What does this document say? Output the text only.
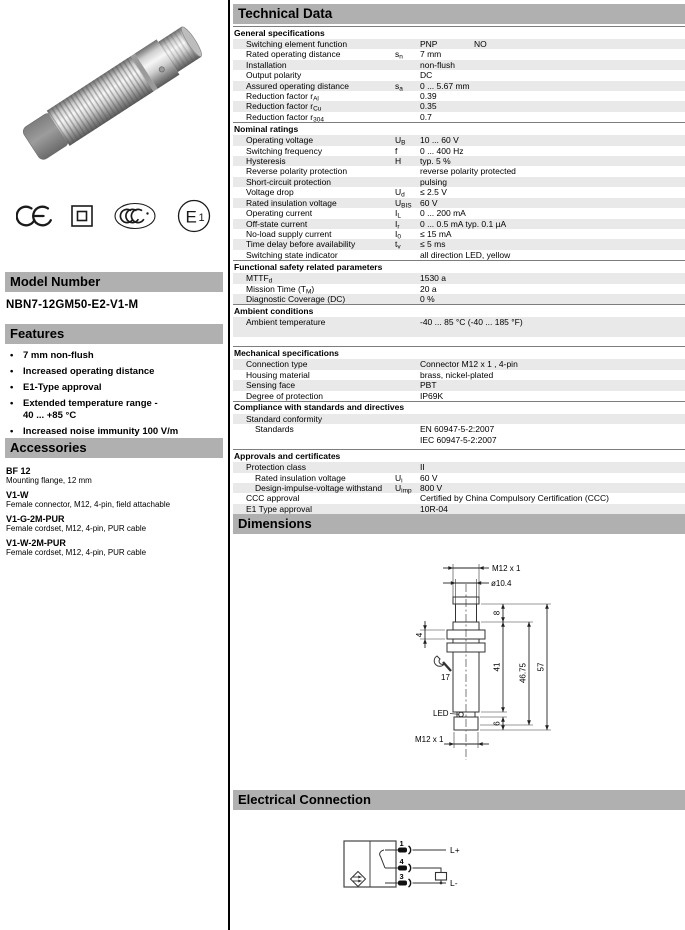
E 1
Model Number
NBN7-12GM50-E2-V1-M
Features
• 7 mm non-flush
• Increased operating distance
• E1-Type approval
• Extended temperature range -
40 ... +85 °C
• Increased noise immunity 100 V/m
Accessories
BF 12
Mounting flange, 12 mm
V1-W
Female connector, M12, 4-pin, field attachable
V1-G-2M-PUR
Female cordset, M12, 4-pin, PUR cable
V1-W-2M-PUR
Female cordset, M12, 4-pin, PUR cable
Technical Data
General specifications
Switching element function	PNP	NO
Rated operating distance	$s_n$	7 mm
Installation	non-flush
Output polarity	DC
Assured operating distance	$s_a$	0 ... 5.67 mm
Reduction factor $r_{Al}$	0.39
Reduction factor $r_{Cu}$	0.35
Reduction factor $r_{304}$	0.7
Nominal ratings
Operating voltage	$U_B$	10 ... 60 V
Switching frequency	f	0 ... 400 Hz
Hysteresis	H	typ. 5 %
Reverse polarity protection	reverse polarity protected
Short-circuit protection	pulsing
Voltage drop	$U_d$	≤ 2.5 V
Rated insulation voltage	$U_{BIS}$ 60 V
Operating current	$I_L$	0 ... 200 mA
Off-state current	$I_r$	0 ... 0.5 mA typ. 0.1 µA
No-load supply current	$I_0$	≤ 15 mA
Time delay before availability	$t_v$	≤ 5 ms
Switching state indicator	all direction LED, yellow
Functional safety related parameters
$MTTF_d$	1530 a
Mission Time $(T_M)$	20 a
Diagnostic Coverage (DC)	0 %
Ambient conditions
Ambient temperature	-40 ... 85 °C (-40 ... 185 °F)
Mechanical specifications
Connection type	Connector M12 x 1 , 4-pin
Housing material	brass, nickel-plated
Sensing face	PBT
Degree of protection	IP69K
Compliance with standards and directives
Standard conformity
Standards	EN 60947-5-2:2007
IEC 60947-5-2:2007
Approvals and certificates
Protection class	II
Rated insulation voltage	$U_i$	60 V
Design-impulse-voltage withstand	$U_{imp}$ 800 V
CCC approval	Certified by China Compulsory Certification (CCC)
E1 Type approval	10R-04
Dimensions
M12 x 1
ø10.4
8
41
6
46.75 57
4
17
LED
M12 x 1
Electrical Connection
1
4
3
L+
L-
